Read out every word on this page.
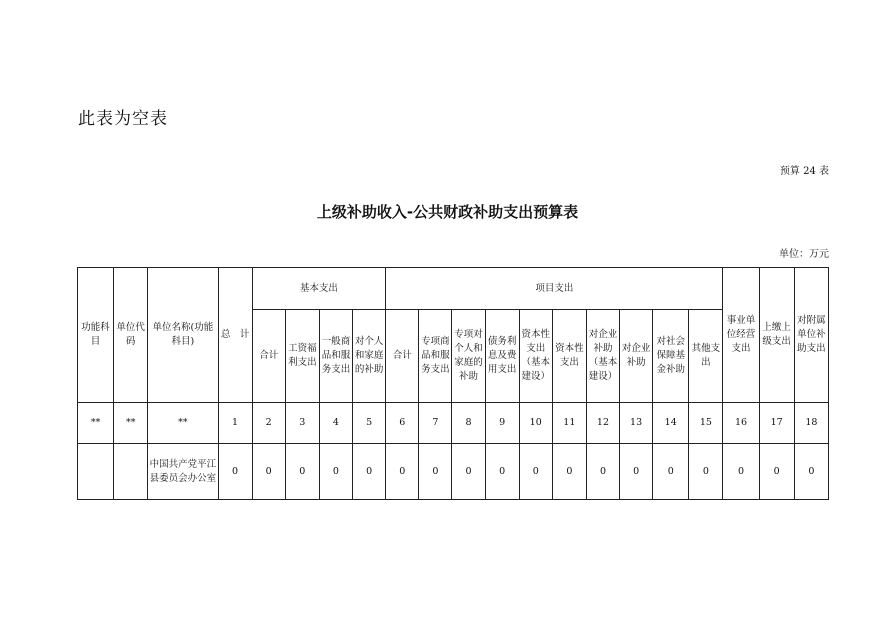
此表为空表
预算 24 表
上级补助收入-公共财政补助支出预算表
单位：万元
功能科目	单位代码	单位名称(功能科目)	总　计	基本支出				项目支出										事业单位经营支出	上缴上级支出	对附属单位补助支出
				合计	工资福利支出	一般商品和服务支出	对个人和家庭的补助	合计	专项商品和服务支出	专项对个人和家庭的补助	债务利息及费用支出	资本性支出（基本建设）	资本性支出	对企业补助（基本建设）	对企业补助	对社会保障基金补助	其他支出			
**	**	**	1	2	3	4	5	6	7	8	9	10	11	12	13	14	15	16	17	18
		中国共产党平江县委员会办公室	0	0	0	0	0	0	0	0	0	0	0	0	0	0	0	0	0	0
